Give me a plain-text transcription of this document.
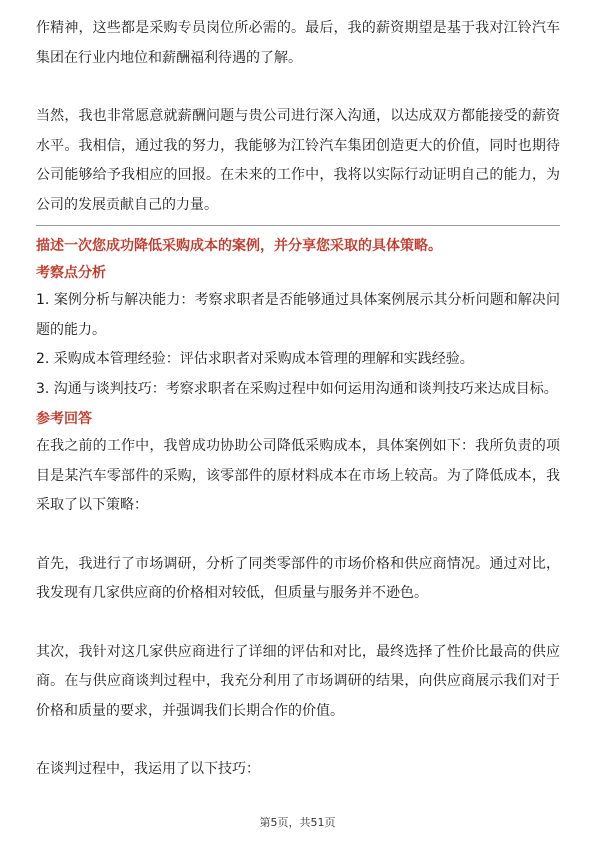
作精神，这些都是采购专员岗位所必需的。最后，我的薪资期望是基于我对江铃汽车集团在行业内地位和薪酬福利待遇的了解。

当然，我也非常愿意就薪酬问题与贵公司进行深入沟通，以达成双方都能接受的薪资水平。我相信，通过我的努力，我能够为江铃汽车集团创造更大的价值，同时也期待公司能够给予我相应的回报。在未来的工作中，我将以实际行动证明自己的能力，为公司的发展贡献自己的力量。

描述一次您成功降低采购成本的案例，并分享您采取的具体策略。

考察点分析

1. 案例分析与解决能力：考察求职者是否能够通过具体案例展示其分析问题和解决问题的能力。

2. 采购成本管理经验：评估求职者对采购成本管理的理解和实践经验。

3. 沟通与谈判技巧：考察求职者在采购过程中如何运用沟通和谈判技巧来达成目标。

参考回答

在我之前的工作中，我曾成功协助公司降低采购成本，具体案例如下：我所负责的项目是某汽车零部件的采购，该零部件的原材料成本在市场上较高。为了降低成本，我采取了以下策略：

首先，我进行了市场调研，分析了同类零部件的市场价格和供应商情况。通过对比，我发现有几家供应商的价格相对较低，但质量与服务并不逊色。

其次，我针对这几家供应商进行了详细的评估和对比，最终选择了性价比最高的供应商。在与供应商谈判过程中，我充分利用了市场调研的结果，向供应商展示我们对于价格和质量的要求，并强调我们长期合作的价值。

在谈判过程中，我运用了以下技巧：

第5页，共51页
